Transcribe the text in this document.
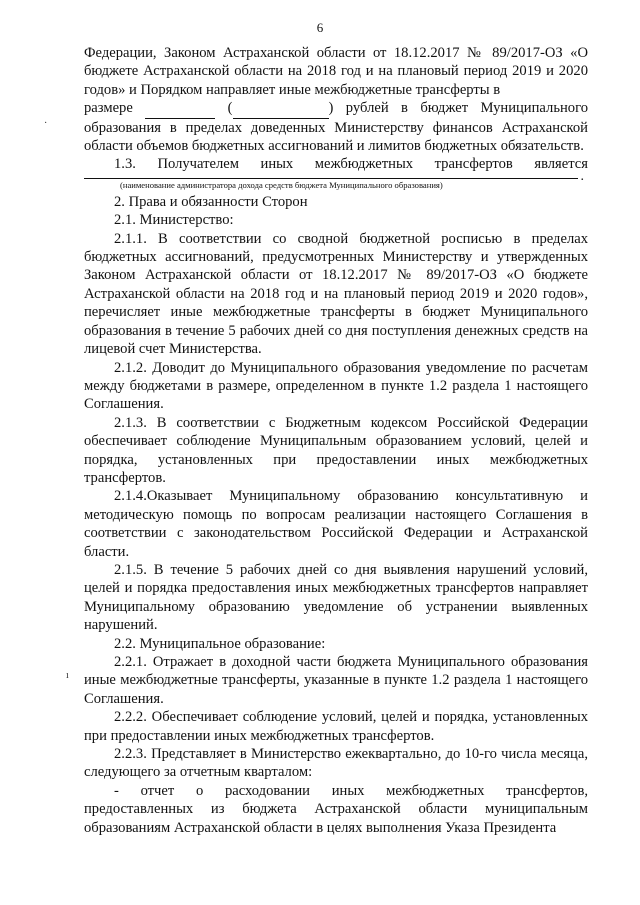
6
·
ı

Федерации, Законом Астраханской области от 18.12.2017 № 89/2017-ОЗ «О бюджете Астраханской области на 2018 год и на плановый период 2019 и 2020 годов» и Порядком направляет иные межбюджетные трансферты в

размере	(	) рублей в бюджет Муниципального образования в пределах доведенных Министерству финансов Астраханской области объемов бюджетных ассигнований и лимитов бюджетных обязательств.

1.3. Получателем иных межбюджетных трансфертов является

.
(наименование администратора дохода средств бюджета Муниципального образования)

2. Права и обязанности Сторон

2.1. Министерство:

2.1.1. В соответствии со сводной бюджетной росписью в пределах бюджетных ассигнований, предусмотренных Министерству и утвержденных Законом Астраханской области от 18.12.2017 № 89/2017-ОЗ «О бюджете Астраханской области на 2018 год и на плановый период 2019 и 2020 годов», перечисляет иные межбюджетные трансферты в бюджет Муниципального образования в течение 5 рабочих дней со дня поступления денежных средств на лицевой счет Министерства.

2.1.2. Доводит до Муниципального образования уведомление по расчетам между бюджетами в размере, определенном в пункте 1.2 раздела 1 настоящего Соглашения.

2.1.3. В соответствии с Бюджетным кодексом Российской Федерации обеспечивает соблюдение Муниципальным образованием условий, целей и порядка, установленных при предоставлении иных межбюджетных трансфертов.

2.1.4.Оказывает Муниципальному образованию консультативную и методическую помощь по вопросам реализации настоящего Соглашения в соответствии с законодательством Российской Федерации и Астраханской бласти.

2.1.5. В течение 5 рабочих дней со дня выявления нарушений условий, целей и порядка предоставления иных межбюджетных трансфертов направляет Муниципальному образованию уведомление об устранении выявленных нарушений.

2.2. Муниципальное образование:

2.2.1. Отражает в доходной части бюджета Муниципального образования иные межбюджетные трансферты, указанные в пункте 1.2 раздела 1 настоящего Соглашения.

2.2.2. Обеспечивает соблюдение условий, целей и порядка, установленных при предоставлении иных межбюджетных трансфертов.

2.2.3. Представляет в Министерство ежеквартально, до 10-го числа месяца, следующего за отчетным кварталом:

- отчет о расходовании иных межбюджетных трансфертов, предоставленных из бюджета Астраханской области муниципальным образованиям Астраханской области в целях выполнения Указа Президента
